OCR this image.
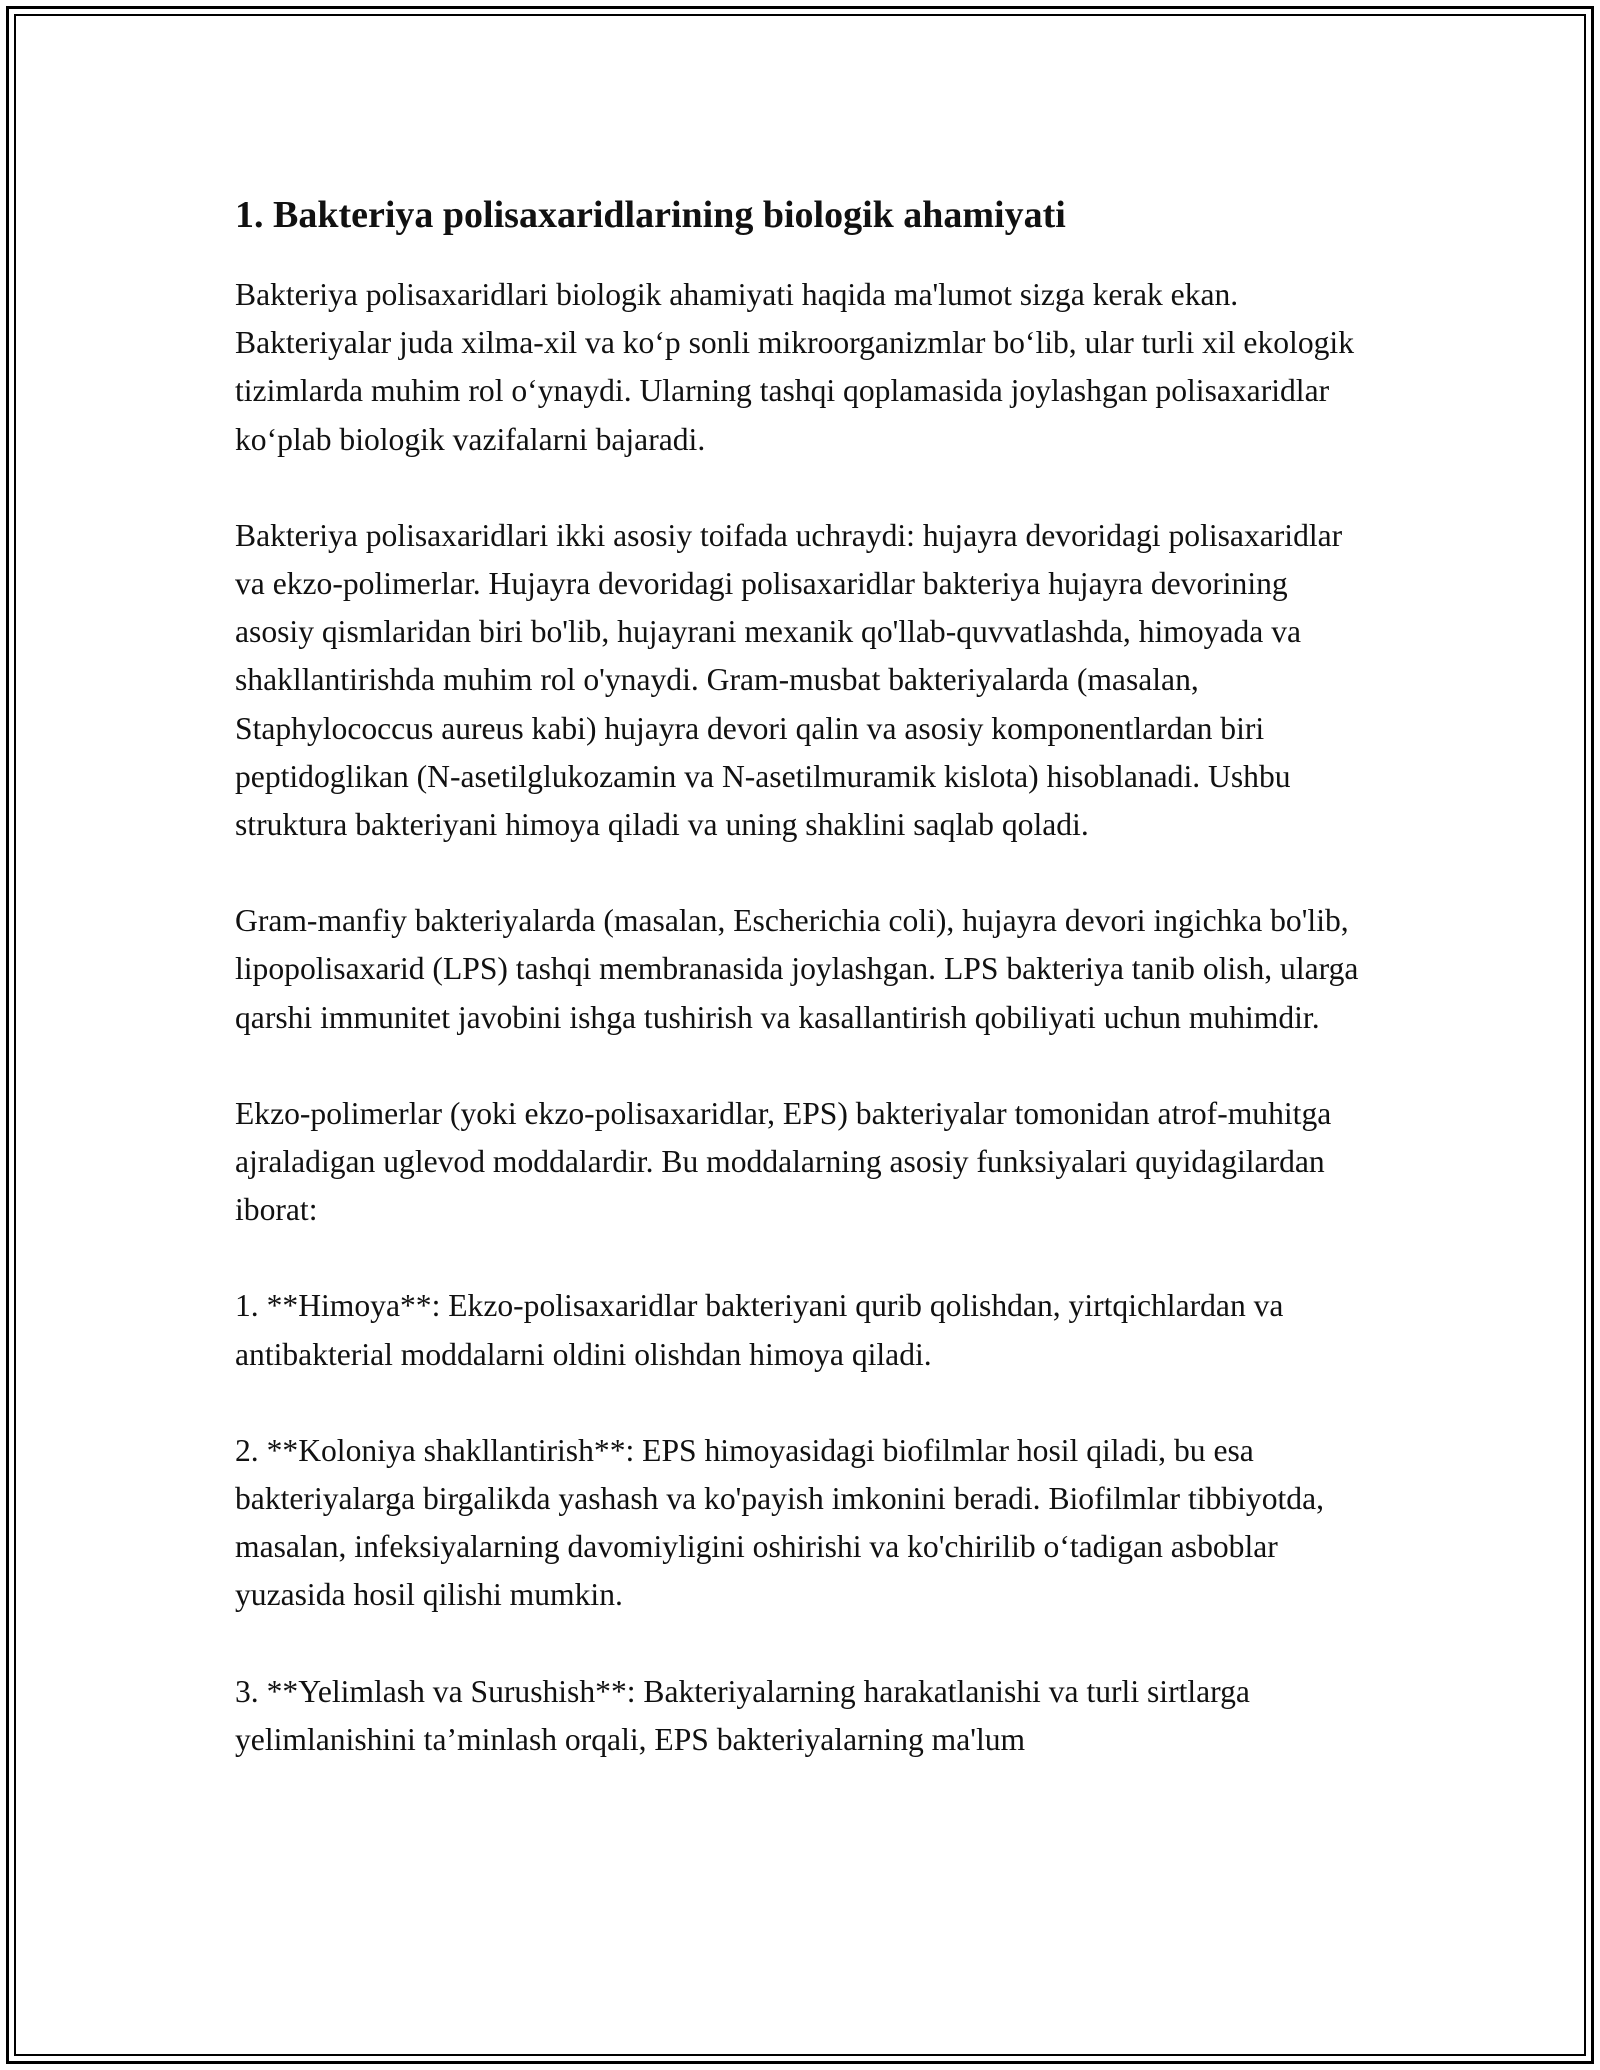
1. Bakteriya polisaxaridlarining biologik ahamiyati

Bakteriya polisaxaridlari biologik ahamiyati haqida ma'lumot sizga kerak ekan. Bakteriyalar juda xilma-xil va ko‘p sonli mikroorganizmlar bo‘lib, ular turli xil ekologik tizimlarda muhim rol o‘ynaydi. Ularning tashqi qoplamasida joylashgan polisaxaridlar ko‘plab biologik vazifalarni bajaradi.

Bakteriya polisaxaridlari ikki asosiy toifada uchraydi: hujayra devoridagi polisaxaridlar va ekzo-polimerlar. Hujayra devoridagi polisaxaridlar bakteriya hujayra devorining asosiy qismlaridan biri bo'lib, hujayrani mexanik qo'llab-quvvatlashda, himoyada va shakllantirishda muhim rol o'ynaydi. Gram-musbat bakteriyalarda (masalan, Staphylococcus aureus kabi) hujayra devori qalin va asosiy komponentlardan biri peptidoglikan (N-asetilglukozamin va N-asetilmuramik kislota) hisoblanadi. Ushbu struktura bakteriyani himoya qiladi va uning shaklini saqlab qoladi.

Gram-manfiy bakteriyalarda (masalan, Escherichia coli), hujayra devori ingichka bo'lib, lipopolisaxarid (LPS) tashqi membranasida joylashgan. LPS bakteriya tanib olish, ularga qarshi immunitet javobini ishga tushirish va kasallantirish qobiliyati uchun muhimdir.

Ekzo-polimerlar (yoki ekzo-polisaxaridlar, EPS) bakteriyalar tomonidan atrof-muhitga ajraladigan uglevod moddalardir. Bu moddalarning asosiy funksiyalari quyidagilardan iborat:

1. **Himoya**: Ekzo-polisaxaridlar bakteriyani qurib qolishdan, yirtqichlardan va antibakterial moddalarni oldini olishdan himoya qiladi.

2. **Koloniya shakllantirish**: EPS himoyasidagi biofilmlar hosil qiladi, bu esa bakteriyalarga birgalikda yashash va ko'payish imkonini beradi. Biofilmlar tibbiyotda, masalan, infeksiyalarning davomiyligini oshirishi va ko'chirilib o‘tadigan asboblar yuzasida hosil qilishi mumkin.

3. **Yelimlash va Surushish**: Bakteriyalarning harakatlanishi va turli sirtlarga yelimlanishini ta’minlash orqali, EPS bakteriyalarning ma'lum
